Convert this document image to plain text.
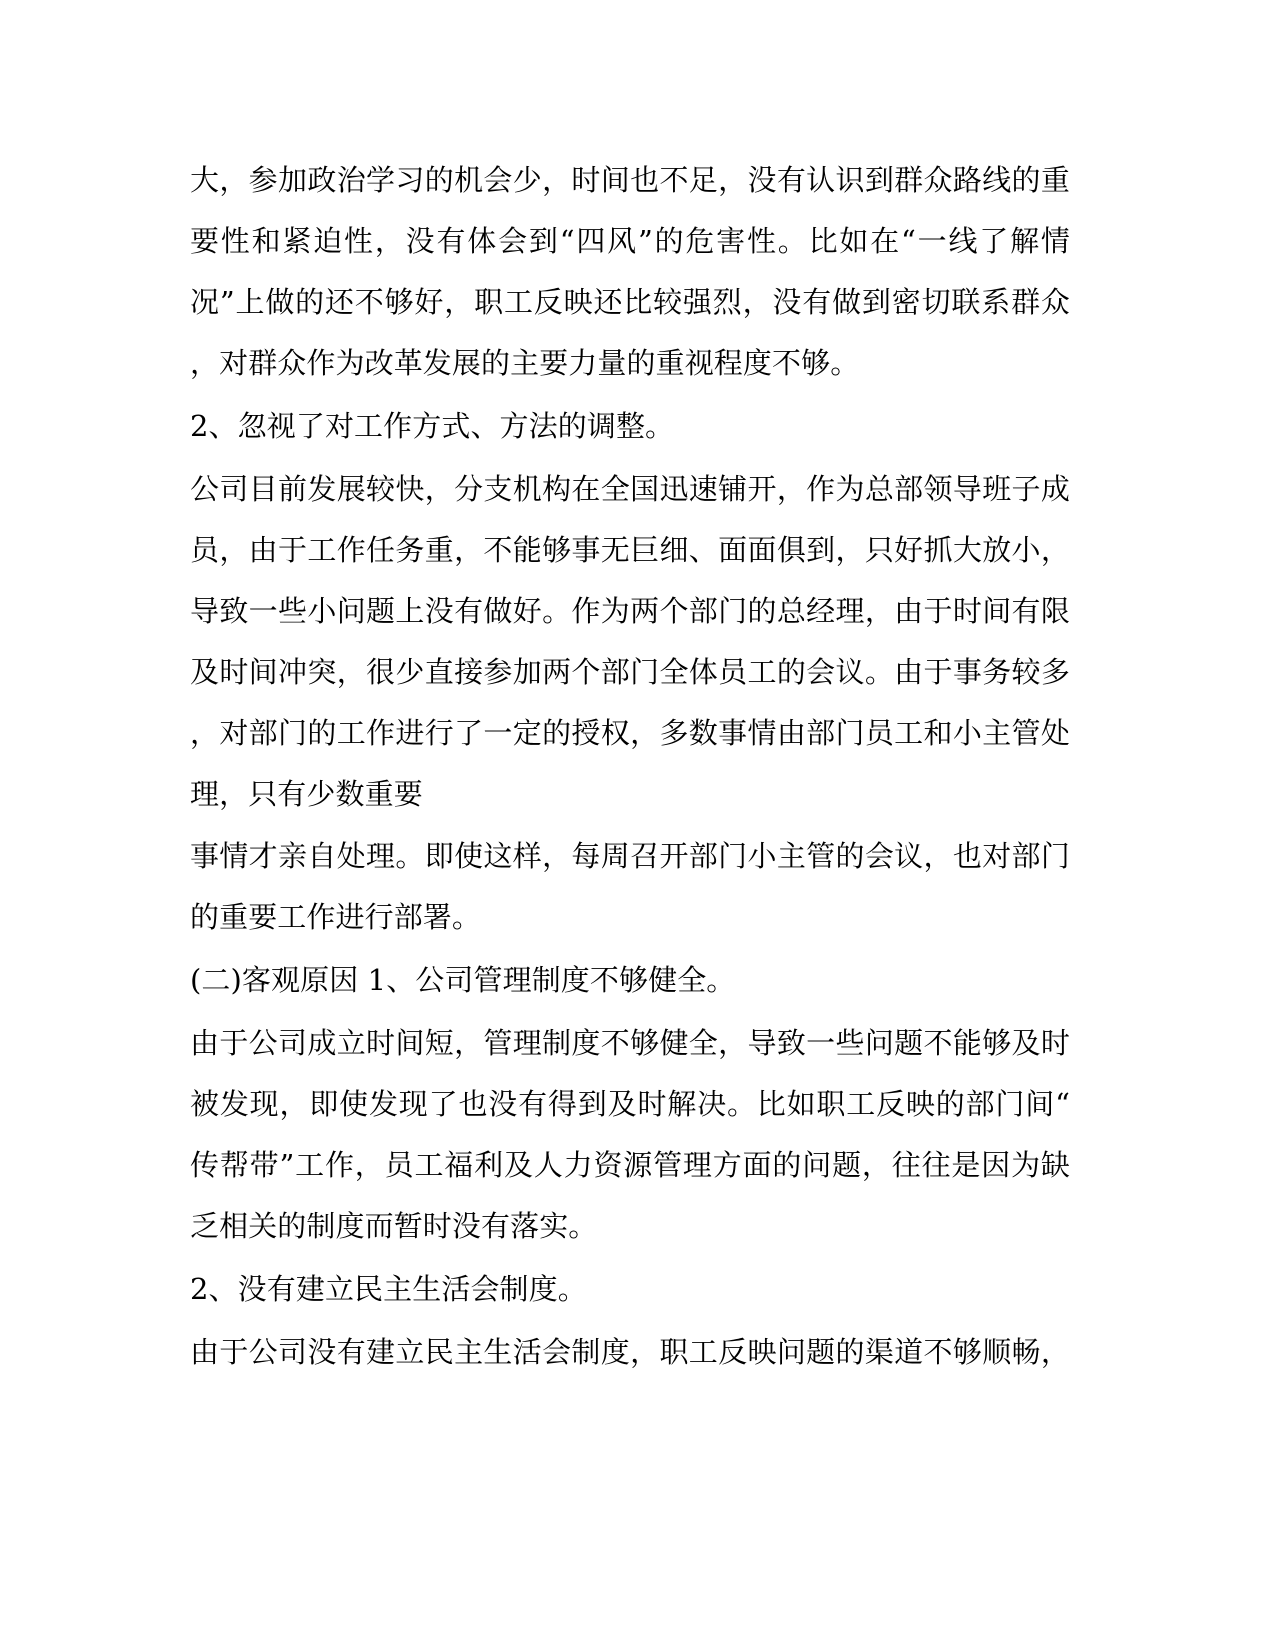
大，参加政治学习的机会少，时间也不足，没有认识到群众路线的重
要性和紧迫性，没有体会到“四风”的危害性。比如在“一线了解情
况”上做的还不够好，职工反映还比较强烈，没有做到密切联系群众
，对群众作为改革发展的主要力量的重视程度不够。
2、忽视了对工作方式、方法的调整。
公司目前发展较快，分支机构在全国迅速铺开，作为总部领导班子成
员，由于工作任务重，不能够事无巨细、面面俱到，只好抓大放小，
导致一些小问题上没有做好。作为两个部门的总经理，由于时间有限
及时间冲突，很少直接参加两个部门全体员工的会议。由于事务较多
，对部门的工作进行了一定的授权，多数事情由部门员工和小主管处
理，只有少数重要
事情才亲自处理。即使这样，每周召开部门小主管的会议，也对部门
的重要工作进行部署。
(二)客观原因 1、公司管理制度不够健全。
由于公司成立时间短，管理制度不够健全，导致一些问题不能够及时
被发现，即使发现了也没有得到及时解决。比如职工反映的部门间“
传帮带”工作，员工福利及人力资源管理方面的问题，往往是因为缺
乏相关的制度而暂时没有落实。
2、没有建立民主生活会制度。
由于公司没有建立民主生活会制度，职工反映问题的渠道不够顺畅，
